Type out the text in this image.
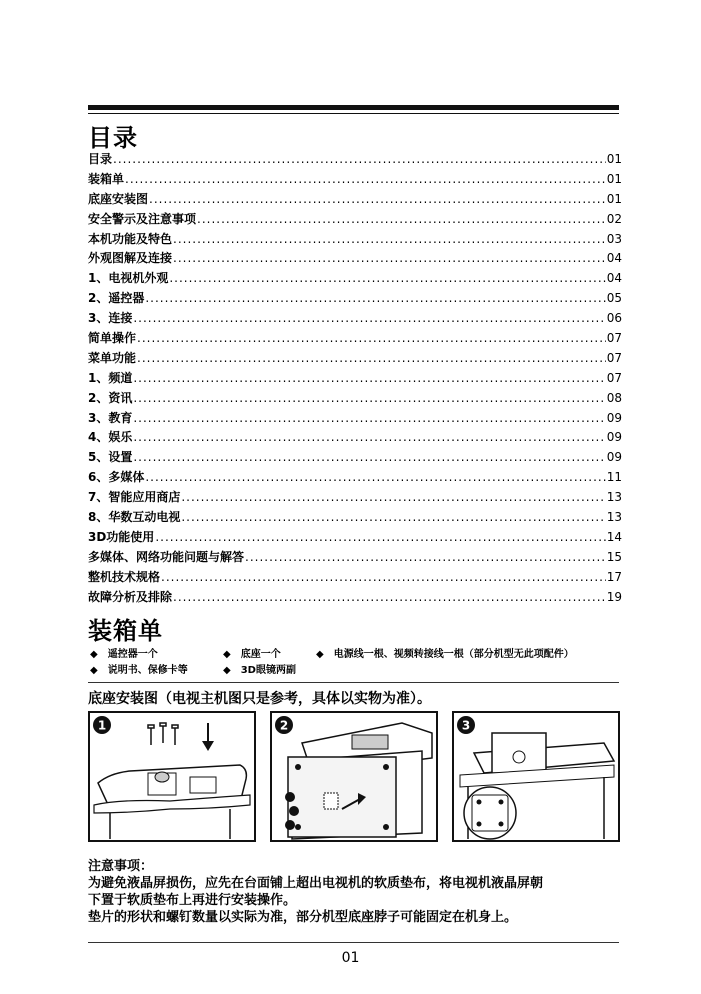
目录
目录 .....	01
装箱单 .....	01
底座安装图 .....	01
安全警示及注意事项 .....	02
本机功能及特色 .....	03
外观图解及连接 .....	04
1、电视机外观 .....	04
2、遥控器 .....	05
3、连接 .....	06
简单操作 .....	07
菜单功能 .....	07
1、频道 .....	07
2、资讯 .....	08
3、教育 .....	09
4、娱乐 .....	09
5、设置 .....	09
6、多媒体 .....	11
7、智能应用商店 .....	13
8、华数互动电视 .....	13
3D功能使用 .....	14
多媒体、网络功能问题与解答 .....	15
整机技术规格 .....	17
故障分析及排除 .....	19
装箱单
◆ 遥控器一个	◆ 底座一个	◆ 电源线一根、视频转接线一根（部分机型无此项配件）
◆ 说明书、保修卡等	◆ 3D眼镜两副
底座安装图（电视主机图只是参考，具体以实物为准）。
1	2	3
注意事项：
为避免液晶屏损伤，应先在台面铺上超出电视机的软质垫布，将电视机液晶屏朝
下置于软质垫布上再进行安装操作。
垫片的形状和螺钉数量以实际为准，部分机型底座脖子可能固定在机身上。
01
